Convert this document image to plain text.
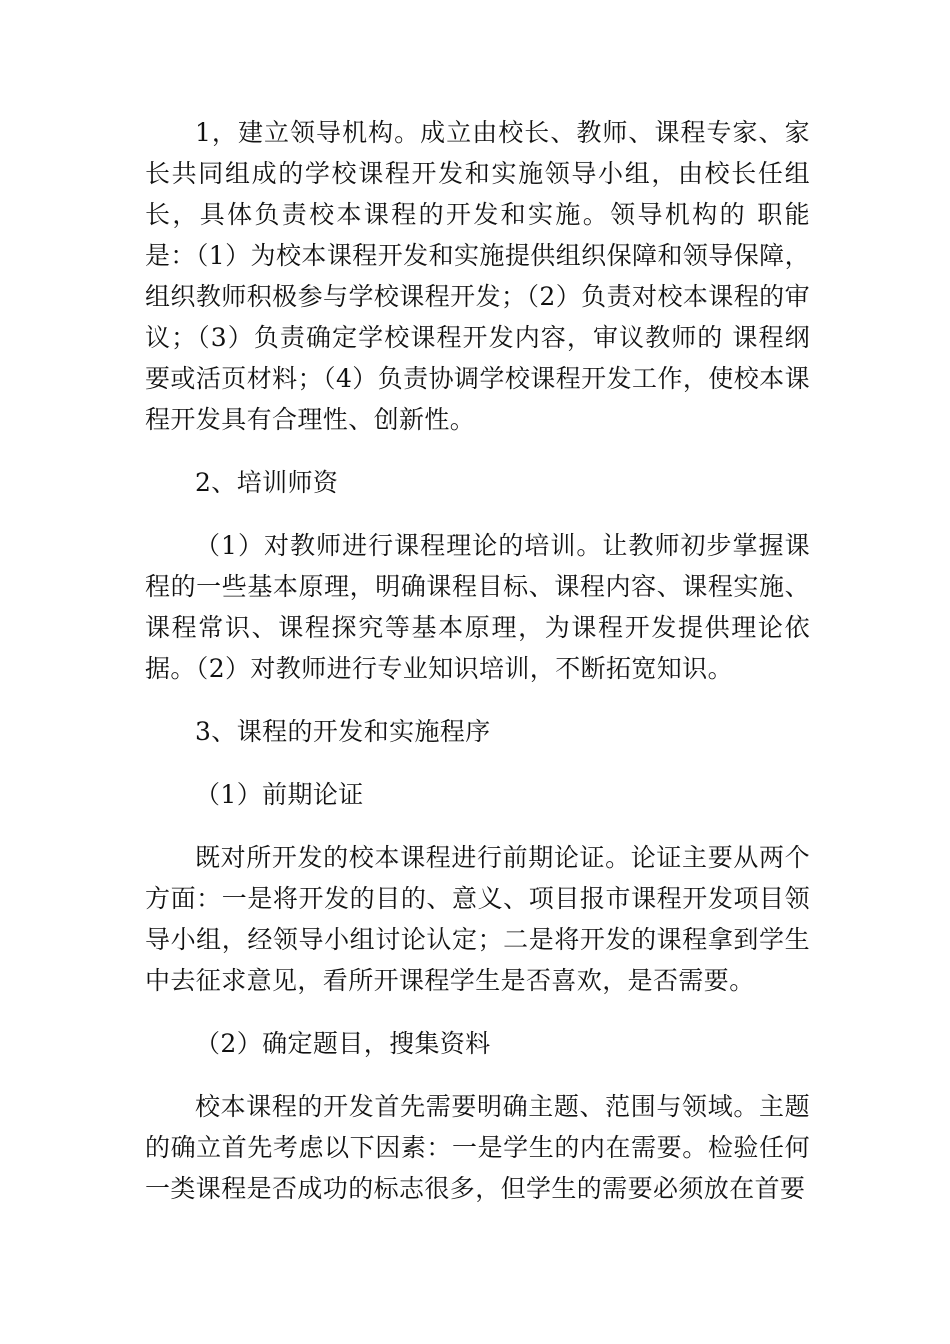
1，建立领导机构。成立由校长、教师、课程专家、家长共同组成的学校课程开发和实施领导小组，由校长任组长，具体负责校本课程的开发和实施。领导机构的 职能是：（1）为校本课程开发和实施提供组织保障和领导保障，组织教师积极参与学校课程开发；（2）负责对校本课程的审议；（3）负责确定学校课程开发内容，审议教师的 课程纲要或活页材料；（4）负责协调学校课程开发工作，使校本课程开发具有合理性、创新性。

2、培训师资

（1）对教师进行课程理论的培训。让教师初步掌握课程的一些基本原理，明确课程目标、课程内容、课程实施、课程常识、课程探究等基本原理，为课程开发提供理论依据。（2）对教师进行专业知识培训，不断拓宽知识。

3、课程的开发和实施程序

（1）前期论证

既对所开发的校本课程进行前期论证。论证主要从两个方面：一是将开发的目的、意义、项目报市课程开发项目领导小组，经领导小组讨论认定；二是将开发的课程拿到学生中去征求意见，看所开课程学生是否喜欢，是否需要。

（2）确定题目，搜集资料

校本课程的开发首先需要明确主题、范围与领域。主题的确立首先考虑以下因素：一是学生的内在需要。检验任何一类课程是否成功的标志很多，但学生的需要必须放在首要
